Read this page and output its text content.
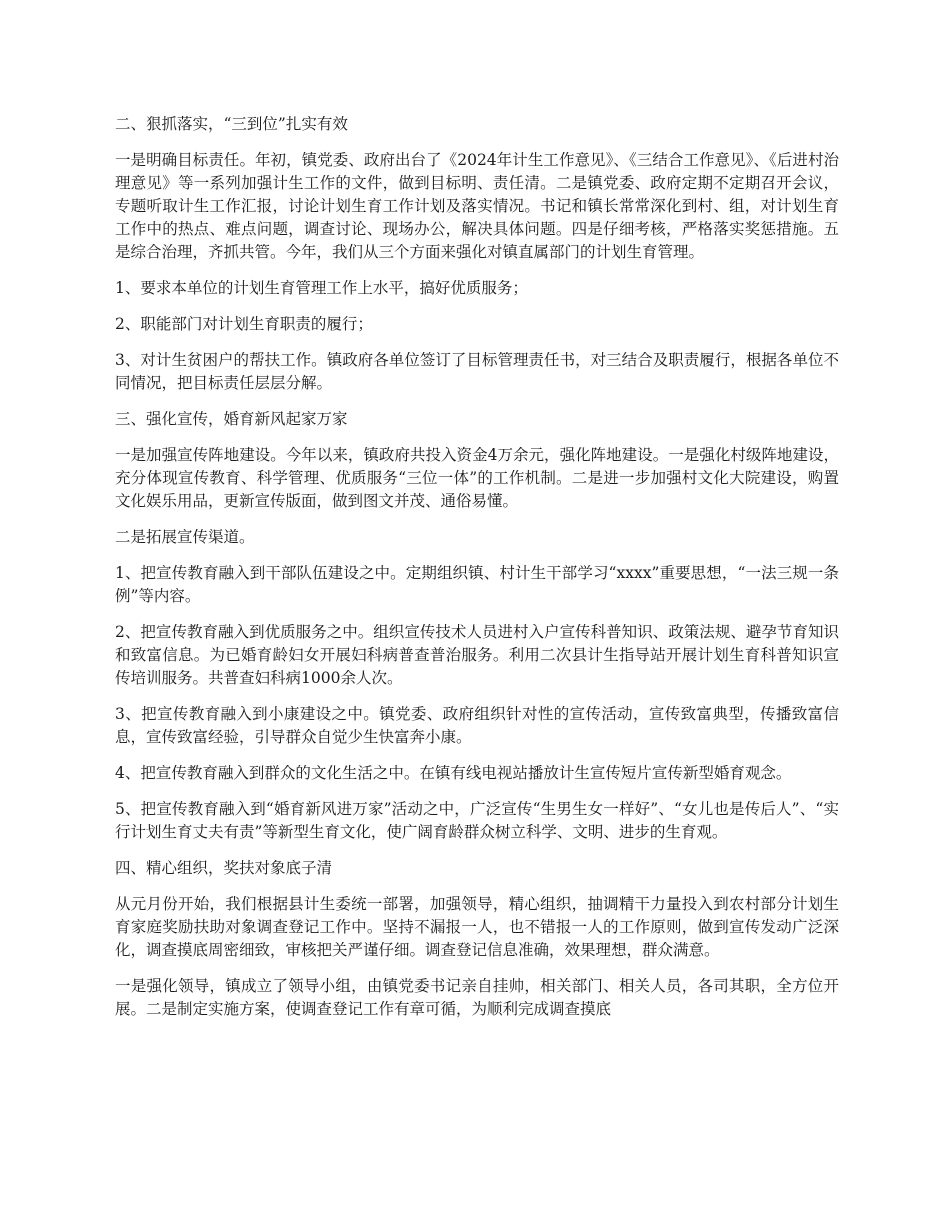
二、狠抓落实，“三到位”扎实有效

一是明确目标责任。年初，镇党委、政府出台了《2024年计生工作意见》、《三结合工作意见》、《后进村治理意见》等一系列加强计生工作的文件，做到目标明、责任清。二是镇党委、政府定期不定期召开会议，专题听取计生工作汇报，讨论计划生育工作计划及落实情况。书记和镇长常常深化到村、组，对计划生育工作中的热点、难点问题，调查讨论、现场办公，解决具体问题。四是仔细考核，严格落实奖惩措施。五是综合治理，齐抓共管。今年，我们从三个方面来强化对镇直属部门的计划生育管理。

1、要求本单位的计划生育管理工作上水平，搞好优质服务；

2、职能部门对计划生育职责的履行；

3、对计生贫困户的帮扶工作。镇政府各单位签订了目标管理责任书，对三结合及职责履行，根据各单位不同情况，把目标责任层层分解。

三、强化宣传，婚育新风起家万家

一是加强宣传阵地建设。今年以来，镇政府共投入资金4万余元，强化阵地建设。一是强化村级阵地建设，充分体现宣传教育、科学管理、优质服务“三位一体”的工作机制。二是进一步加强村文化大院建设，购置文化娱乐用品，更新宣传版面，做到图文并茂、通俗易懂。

二是拓展宣传渠道。

1、把宣传教育融入到干部队伍建设之中。定期组织镇、村计生干部学习“xxxx”重要思想，“一法三规一条例”等内容。

2、把宣传教育融入到优质服务之中。组织宣传技术人员进村入户宣传科普知识、政策法规、避孕节育知识和致富信息。为已婚育龄妇女开展妇科病普查普治服务。利用二次县计生指导站开展计划生育科普知识宣传培训服务。共普查妇科病1000余人次。

3、把宣传教育融入到小康建设之中。镇党委、政府组织针对性的宣传活动，宣传致富典型，传播致富信息，宣传致富经验，引导群众自觉少生快富奔小康。

4、把宣传教育融入到群众的文化生活之中。在镇有线电视站播放计生宣传短片宣传新型婚育观念。

5、把宣传教育融入到“婚育新风进万家”活动之中，广泛宣传“生男生女一样好”、“女儿也是传后人”、“实行计划生育丈夫有责”等新型生育文化，使广阔育龄群众树立科学、文明、进步的生育观。

四、精心组织，奖扶对象底子清

从元月份开始，我们根据县计生委统一部署，加强领导，精心组织，抽调精干力量投入到农村部分计划生育家庭奖励扶助对象调查登记工作中。坚持不漏报一人，也不错报一人的工作原则，做到宣传发动广泛深化，调查摸底周密细致，审核把关严谨仔细。调查登记信息准确，效果理想，群众满意。

一是强化领导，镇成立了领导小组，由镇党委书记亲自挂帅，相关部门、相关人员，各司其职，全方位开展。二是制定实施方案，使调查登记工作有章可循，为顺利完成调查摸底
